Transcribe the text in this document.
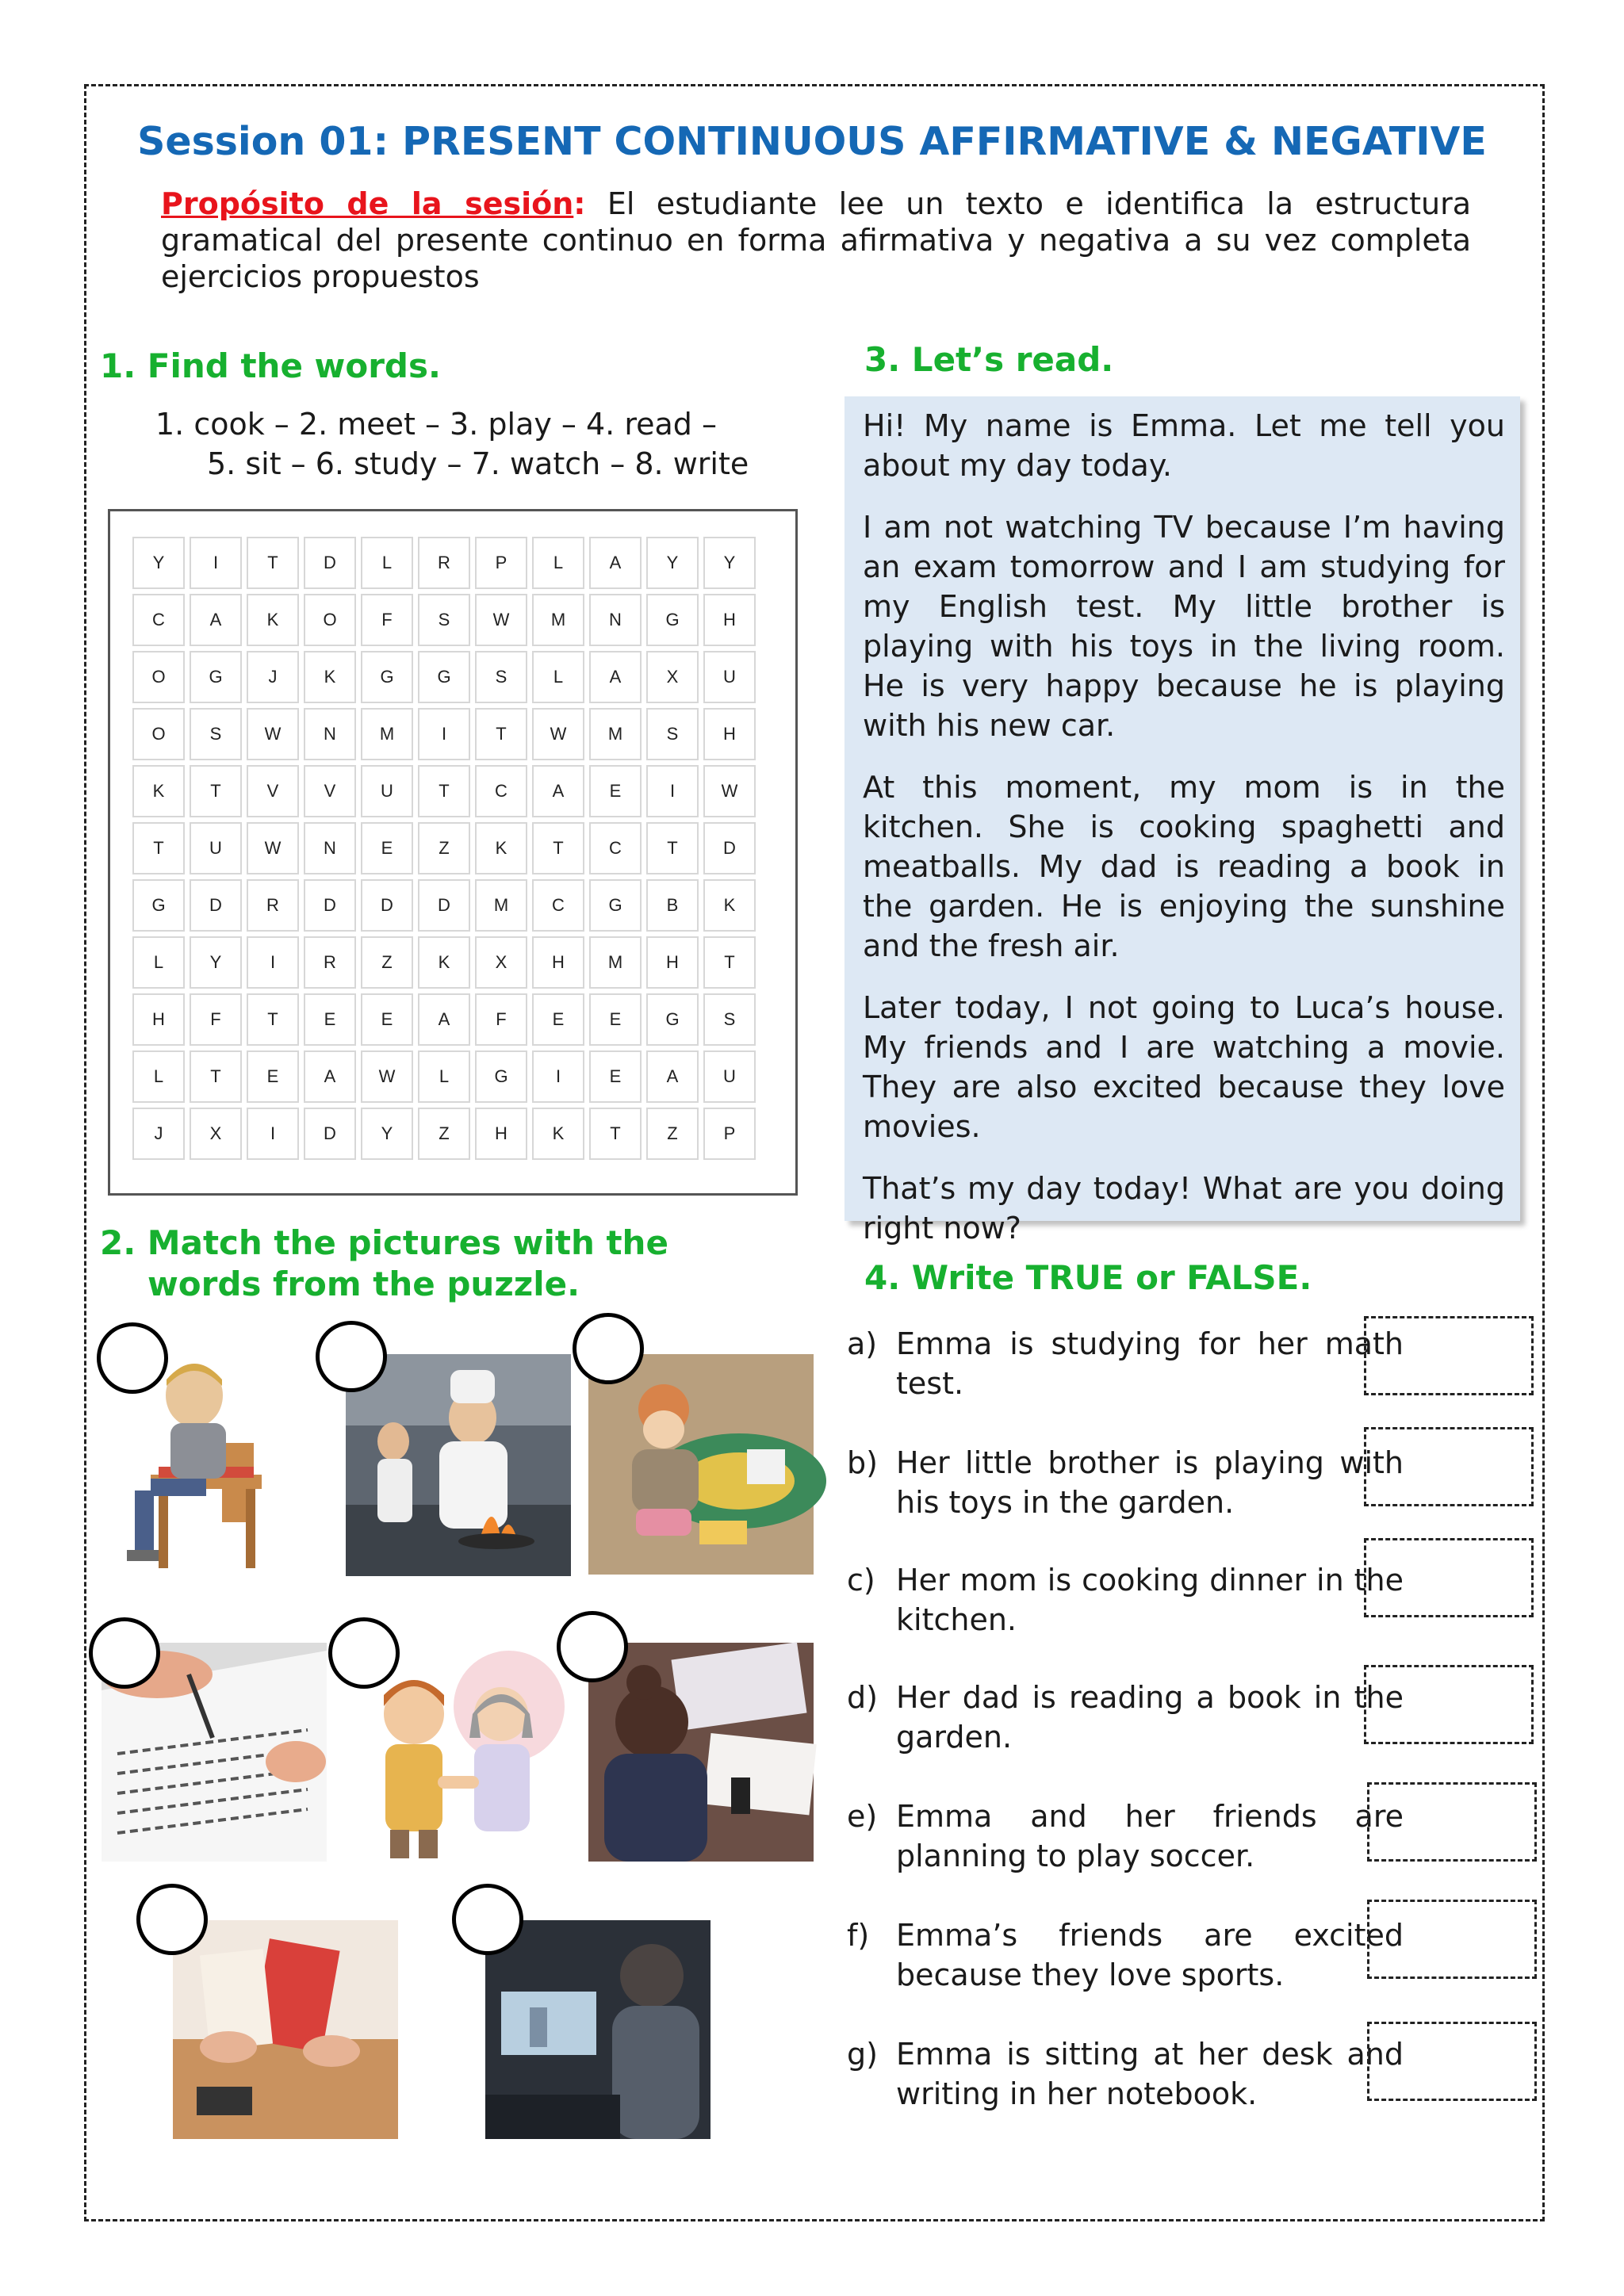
Session 01: PRESENT CONTINUOUS AFFIRMATIVE & NEGATIVE
Propósito de la sesión: El estudiante lee un texto e identifica la estructura gramatical del presente continuo en forma afirmativa y negativa a su vez completa ejercicios propuestos
1. Find the words.
1. cook – 2. meet – 3. play – 4. read –
5. sit – 6. study – 7. watch – 8. write
Y	I	T	D	L	R	P	L	A	Y	Y
C	A	K	O	F	S	W	M	N	G	H
O	G	J	K	G	G	S	L	A	X	U
O	S	W	N	M	I	T	W	M	S	H
K	T	V	V	U	T	C	A	E	I	W
T	U	W	N	E	Z	K	T	C	T	D
G	D	R	D	D	D	M	C	G	B	K
L	Y	I	R	Z	K	X	H	M	H	T
H	F	T	E	E	A	F	E	E	G	S
L	T	E	A	W	L	G	I	E	A	U
J	X	I	D	Y	Z	H	K	T	Z	P
2. Match the pictures with the
words from the puzzle.
3. Let’s read.

Hi! My name is Emma. Let me tell you about my day today.

I am not watching TV because I’m having an exam tomorrow and I am studying for my English test. My little brother is playing with his toys in the living room. He is very happy because he is playing with his new car.

At this moment, my mom is in the kitchen. She is cooking spaghetti and meatballs. My dad is reading a book in the garden. He is enjoying the sunshine and the fresh air.

Later today, I not going to Luca’s house. My friends and I are watching a movie. They are also excited because they love movies.

That’s my day today! What are you doing right now?

4. Write TRUE or FALSE.
a) Emma is studying for her math test.
b) Her little brother is playing with his toys in the garden.
c) Her mom is cooking dinner in the kitchen.
d) Her dad is reading a book in the garden.
e) Emma and her friends are planning to play soccer.
f) Emma’s friends are excited because they love sports.
g) Emma is sitting at her desk and writing in her notebook.
